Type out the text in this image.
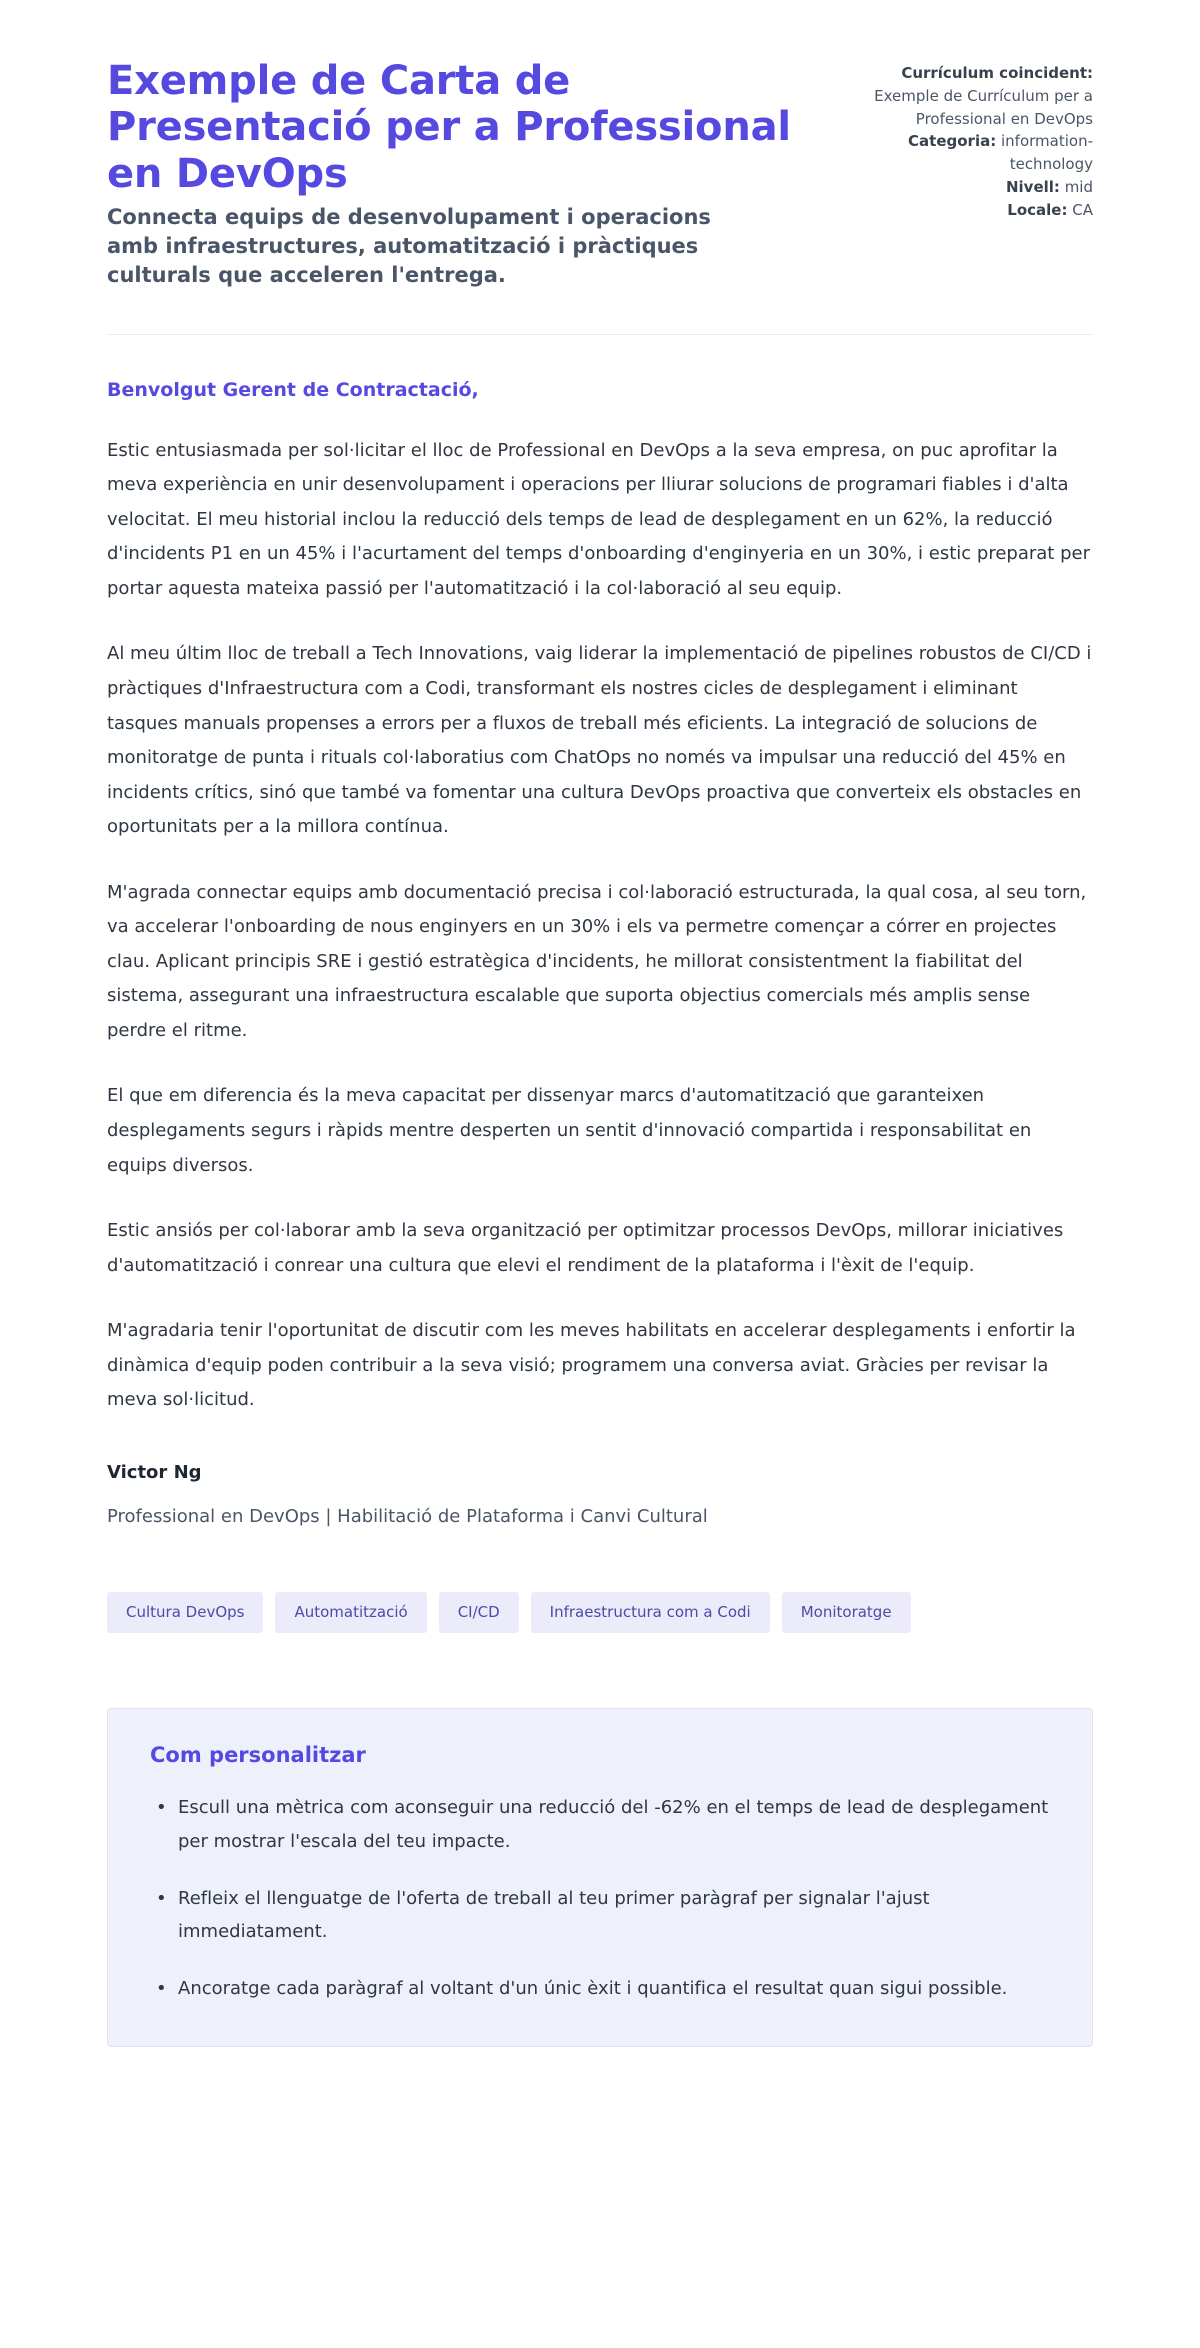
Exemple de Carta de Presentació per a Professional en DevOps

Connecta equips de desenvolupament i operacions amb infraestructures, automatització i pràctiques culturals que acceleren l'entrega.

Currículum coincident:
Exemple de Currículum per a Professional en DevOps
Categoria: information-technology
Nivell: mid
Locale: CA

Benvolgut Gerent de Contractació,

Estic entusiasmada per sol·licitar el lloc de Professional en DevOps a la seva empresa, on puc aprofitar la meva experiència en unir desenvolupament i operacions per lliurar solucions de programari fiables i d'alta velocitat. El meu historial inclou la reducció dels temps de lead de desplegament en un 62%, la reducció d'incidents P1 en un 45% i l'acurtament del temps d'onboarding d'enginyeria en un 30%, i estic preparat per portar aquesta mateixa passió per l'automatització i la col·laboració al seu equip.

Al meu últim lloc de treball a Tech Innovations, vaig liderar la implementació de pipelines robustos de CI/CD i pràctiques d'Infraestructura com a Codi, transformant els nostres cicles de desplegament i eliminant tasques manuals propenses a errors per a fluxos de treball més eficients. La integració de solucions de monitoratge de punta i rituals col·laboratius com ChatOps no només va impulsar una reducció del 45% en incidents crítics, sinó que també va fomentar una cultura DevOps proactiva que converteix els obstacles en oportunitats per a la millora contínua.

M'agrada connectar equips amb documentació precisa i col·laboració estructurada, la qual cosa, al seu torn, va accelerar l'onboarding de nous enginyers en un 30% i els va permetre començar a córrer en projectes clau. Aplicant principis SRE i gestió estratègica d'incidents, he millorat consistentment la fiabilitat del sistema, assegurant una infraestructura escalable que suporta objectius comercials més amplis sense perdre el ritme.

El que em diferencia és la meva capacitat per dissenyar marcs d'automatització que garanteixen desplegaments segurs i ràpids mentre desperten un sentit d'innovació compartida i responsabilitat en equips diversos.

Estic ansiós per col·laborar amb la seva organització per optimitzar processos DevOps, millorar iniciatives d'automatització i conrear una cultura que elevi el rendiment de la plataforma i l'èxit de l'equip.

M'agradaria tenir l'oportunitat de discutir com les meves habilitats en accelerar desplegaments i enfortir la dinàmica d'equip poden contribuir a la seva visió; programem una conversa aviat. Gràcies per revisar la meva sol·licitud.

Victor Ng

Professional en DevOps | Habilitació de Plataforma i Canvi Cultural

Cultura DevOps	Automatització	CI/CD	Infraestructura com a Codi	Monitoratge
Com personalitzar
• Escull una mètrica com aconseguir una reducció del -62% en el temps de lead de desplegament per mostrar l'escala del teu impacte.
• Refleix el llenguatge de l'oferta de treball al teu primer paràgraf per signalar l'ajust immediatament.
• Ancoratge cada paràgraf al voltant d'un únic èxit i quantifica el resultat quan sigui possible.
